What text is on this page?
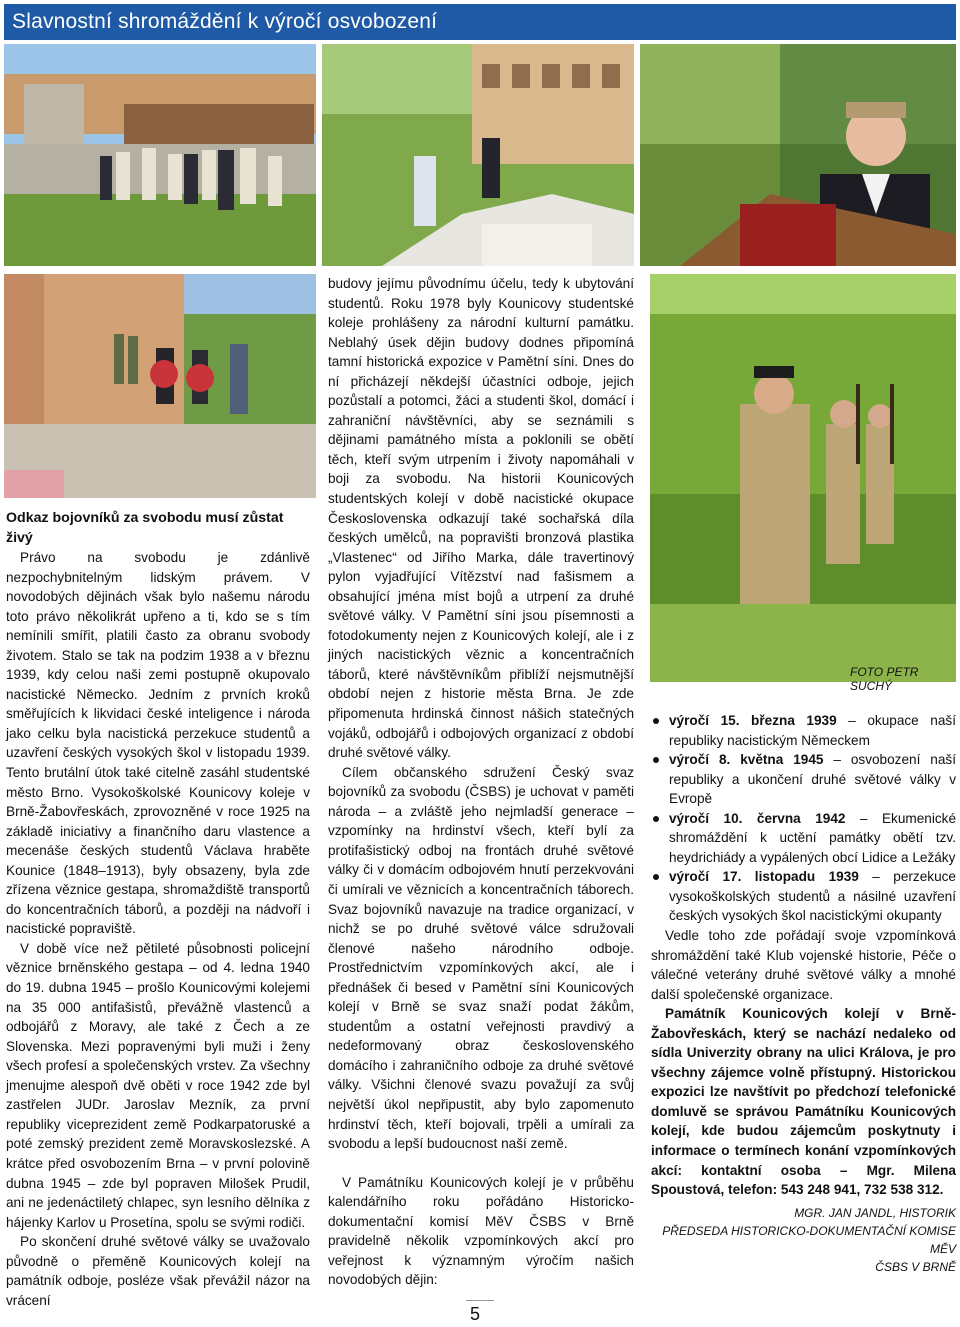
Slavnostní shromáždění k výročí osvobození
FOTO PETR SUCHÝ
Odkaz bojovníků za svobodu musí zůstat živý

Právo na svobodu je zdánlivě nezpochybnitelným lidským právem. V novodobých dějinách však bylo našemu národu toto právo několikrát upřeno a ti, kdo se s tím nemínili smířit, platili často za obranu svobody životem. Stalo se tak na podzim 1938 a v březnu 1939, kdy celou naši zemi postupně okupovalo nacistické Německo. Jedním z prvních kroků směřujících k likvidaci české inteligence i národa jako celku byla nacistická perzekuce studentů a uzavření českých vysokých škol v listopadu 1939. Tento brutální útok také citelně zasáhl studentské město Brno. Vysokoškolské Kounicovy koleje v Brně-Žabovřeskách, zprovozněné v roce 1925 na základě iniciativy a finančního daru vlastence a mecenáše českých studentů Václava hraběte Kounice (1848–1913), byly obsazeny, byla zde zřízena věznice gestapa, shromaždiště transportů do koncentračních táborů, a později na nádvoří i nacistické popraviště.

V době více než pětileté působnosti policejní věznice brněnského gestapa – od 4. ledna 1940 do 19. dubna 1945 – prošlo Kounicovými kolejemi na 35 000 antifašistů, převážně vlastenců a odbojářů z Moravy, ale také z Čech a ze Slovenska. Mezi popravenými byli muži i ženy všech profesí a společenských vrstev. Za všechny jmenujme alespoň dvě oběti v roce 1942 zde byl zastřelen JUDr. Jaroslav Mezník, za první republiky viceprezident země Podkarpatoruské a poté zemský prezident země Moravskoslezské. A krátce před osvobozením Brna – v první polovině dubna 1945 – zde byl popraven Milošek Prudil, ani ne jedenáctiletý chlapec, syn lesního dělníka z hájenky Karlov u Prosetína, spolu se svými rodiči.

Po skončení druhé světové války se uvažovalo původně o přeměně Kounicových kolejí na památník odboje, posléze však převážil názor na vrácení

budovy jejímu původnímu účelu, tedy k ubytování studentů. Roku 1978 byly Kounicovy studentské koleje prohlášeny za národní kulturní památku. Neblahý úsek dějin budovy dodnes připomíná tamní historická expozice v Pamětní síni. Dnes do ní přicházejí někdejší účastníci odboje, jejich pozůstalí a potomci, žáci a studenti škol, domácí i zahraniční návštěvníci, aby se seznámili s dějinami památného místa a poklonili se obětí těch, kteří svým utrpením i životy napomáhali v boji za svobodu. Na historii Kounicových studentských kolejí v době nacistické okupace Československa odkazují také sochařská díla českých umělců, na popravišti bronzová plastika „Vlastenec“ od Jiřího Marka, dále travertinový pylon vyjadřující Vítězství nad fašismem a obsahující jména míst bojů a utrpení za druhé světové války. V Pamětní síni jsou písemnosti a fotodokumenty nejen z Kounicových kolejí, ale i z jiných nacistických věznic a koncentračních táborů, které návštěvníkům přiblíží nejsmutnější období nejen z historie města Brna. Je zde připomenuta hrdinská činnost nášich statečných vojáků, odbojářů i odbojových organizací z období druhé světové války.

Cílem občanského sdružení Český svaz bojovníků za svobodu (ČSBS) je uchovat v paměti národa – a zvláště jeho nejmladší generace – vzpomínky na hrdinství všech, kteří bylí za protifašistický odboj na frontách druhé světové války či v domácím odbojovém hnutí perzekvováni či umírali ve věznicích a koncentračních táborech. Svaz bojovníků navazuje na tradice organizací, v nichž se po druhé světové válce sdružovali členové našeho národního odboje. Prostřednictvím vzpomínkových akcí, ale i přednášek či besed v Pamětní síni Kounicových kolejí v Brně se svaz snaží podat žákům, studentům a ostatní veřejnosti pravdivý a nedeformovaný obraz československého domácího i zahraničního odboje za druhé světové války. Všichni členové svazu považují za svůj největší úkol nepřipustit, aby bylo zapomenuto hrdinství těch, kteří bojovali, trpěli a umírali za svobodu a lepší budoucnost naší země.

V Památníku Kounicových kolejí je v průběhu kalendářního roku pořádáno Historicko-dokumentační komisí MěV ČSBS v Brně pravidelně několik vzpomínkových akcí pro veřejnost k významným výročím našich novodobých dějin:

výročí 15. března 1939 – okupace naší republiky nacistickým Německem
výročí 8. května 1945 – osvobození naší republiky a ukončení druhé světové války v Evropě
výročí 10. června 1942 – Ekumenické shromáždění k uctění památky obětí tzv. heydrichiády a vypálených obcí Lidice a Ležáky
výročí 17. listopadu 1939 – perzekuce vysokoškolských studentů a násilné uzavření českých vysokých škol nacistickými okupanty

Vedle toho zde pořádají svoje vzpomínková shromáždění také Klub vojenské historie, Péče o válečné veterány druhé světové války a mnohé další společenské organizace.

Památník Kounicových kolejí v Brně-Žabovřeskách, který se nachází nedaleko od sídla Univerzity obrany na ulici Králova, je pro všechny zájemce volně přístupný. Historickou expozici lze navštívit po předchozí telefonické domluvě se správou Památníku Kounicových kolejí, kde budou zájemcům poskytnuty i informace o termínech konání vzpomínkových akcí: kontaktní osoba – Mgr. Milena Spoustová, telefon: 543 248 941, 732 538 312.

MGR. JAN JANDL, HISTORIK
PŘEDSEDA HISTORICKO-DOKUMENTAČNÍ KOMISE MĚV
ČSBS V BRNĚ
5
